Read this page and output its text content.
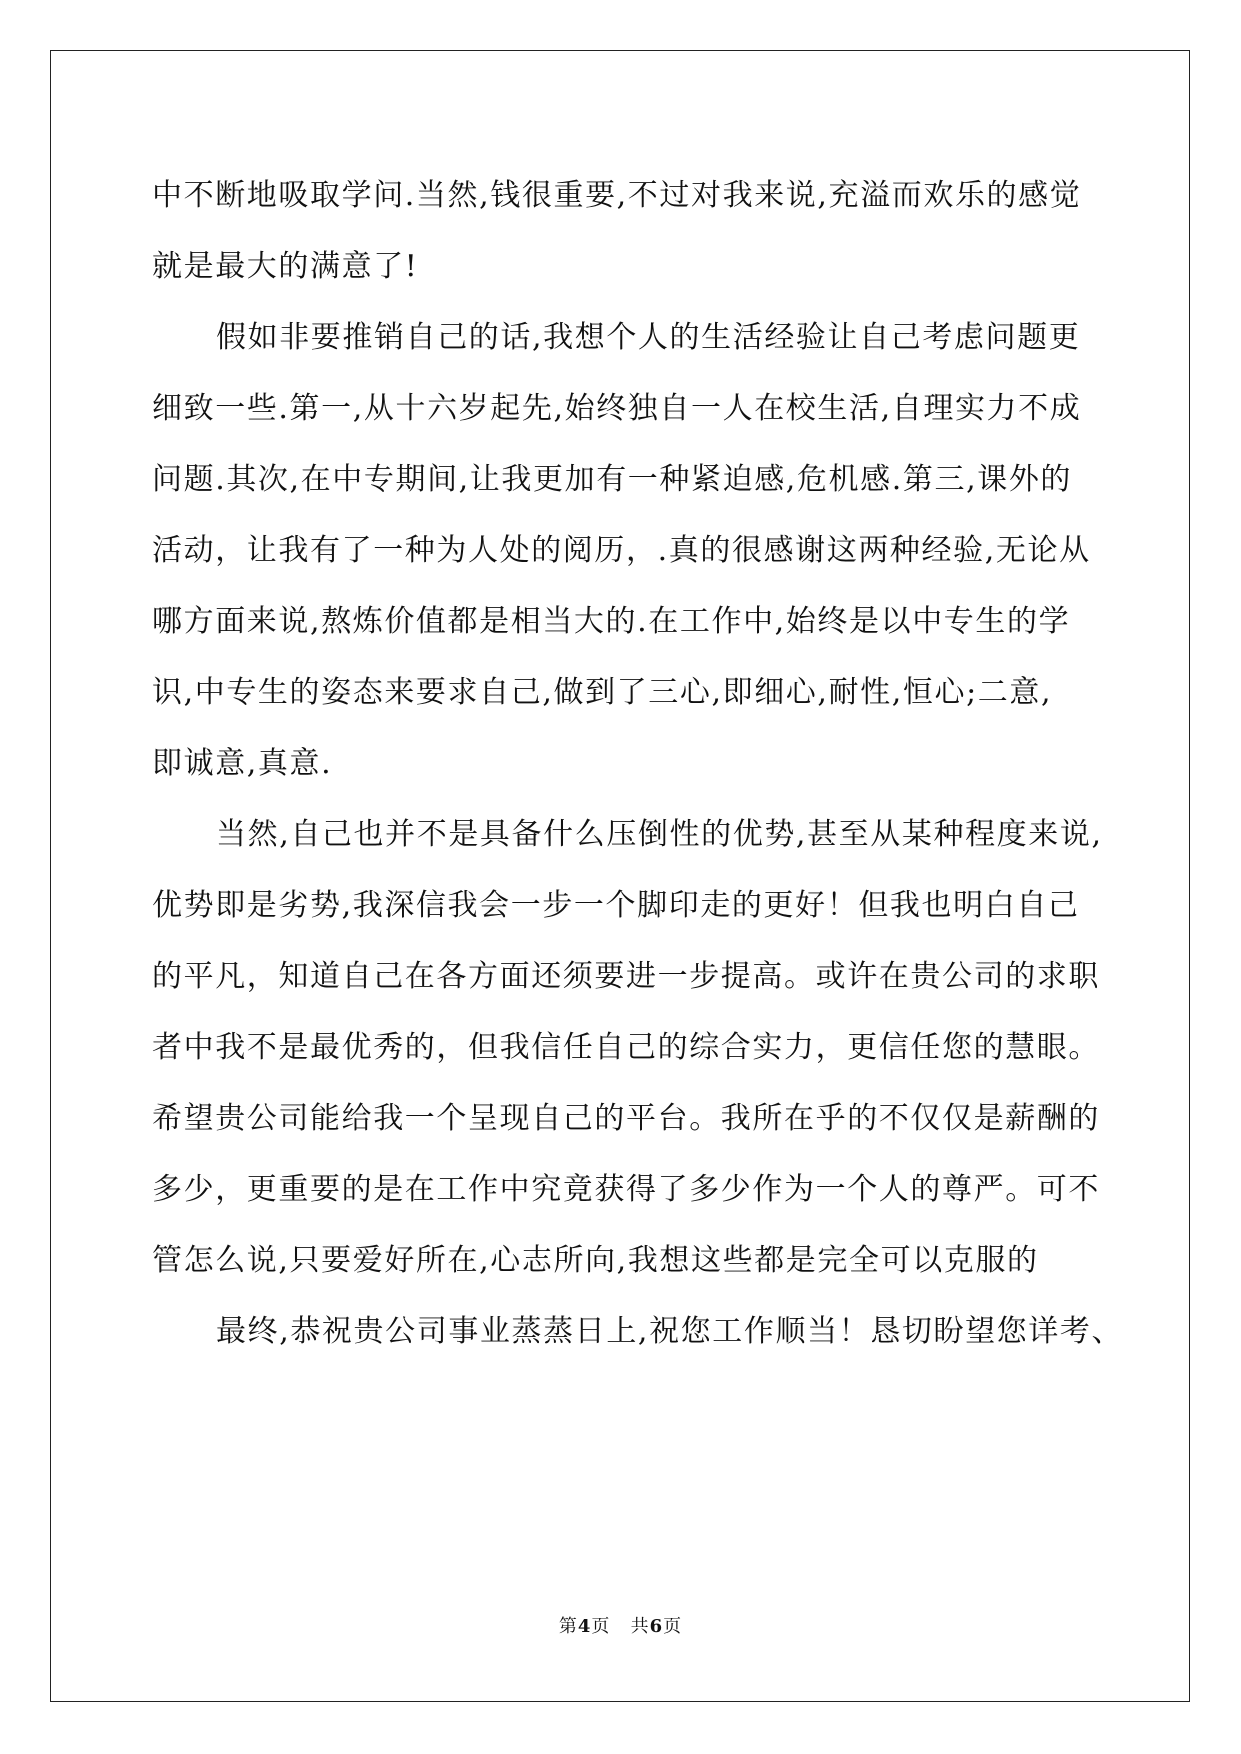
中不断地吸取学问.当然,钱很重要,不过对我来说,充溢而欢乐的感觉
就是最大的满意了!
假如非要推销自己的话,我想个人的生活经验让自己考虑问题更
细致一些.第一,从十六岁起先,始终独自一人在校生活,自理实力不成
问题.其次,在中专期间,让我更加有一种紧迫感,危机感.第三,课外的
活动，让我有了一种为人处的阅历，.真的很感谢这两种经验,无论从
哪方面来说,熬炼价值都是相当大的.在工作中,始终是以中专生的学
识,中专生的姿态来要求自己,做到了三心,即细心,耐性,恒心;二意,
即诚意,真意.
当然,自己也并不是具备什么压倒性的优势,甚至从某种程度来说,
优势即是劣势,我深信我会一步一个脚印走的更好！但我也明白自己
的平凡，知道自己在各方面还须要进一步提高。或许在贵公司的求职
者中我不是最优秀的，但我信任自己的综合实力，更信任您的慧眼。
希望贵公司能给我一个呈现自己的平台。我所在乎的不仅仅是薪酬的
多少，更重要的是在工作中究竟获得了多少作为一个人的尊严。可不
管怎么说,只要爱好所在,心志所向,我想这些都是完全可以克服的
最终,恭祝贵公司事业蒸蒸日上,祝您工作顺当！恳切盼望您详考、
第4页 共6页
